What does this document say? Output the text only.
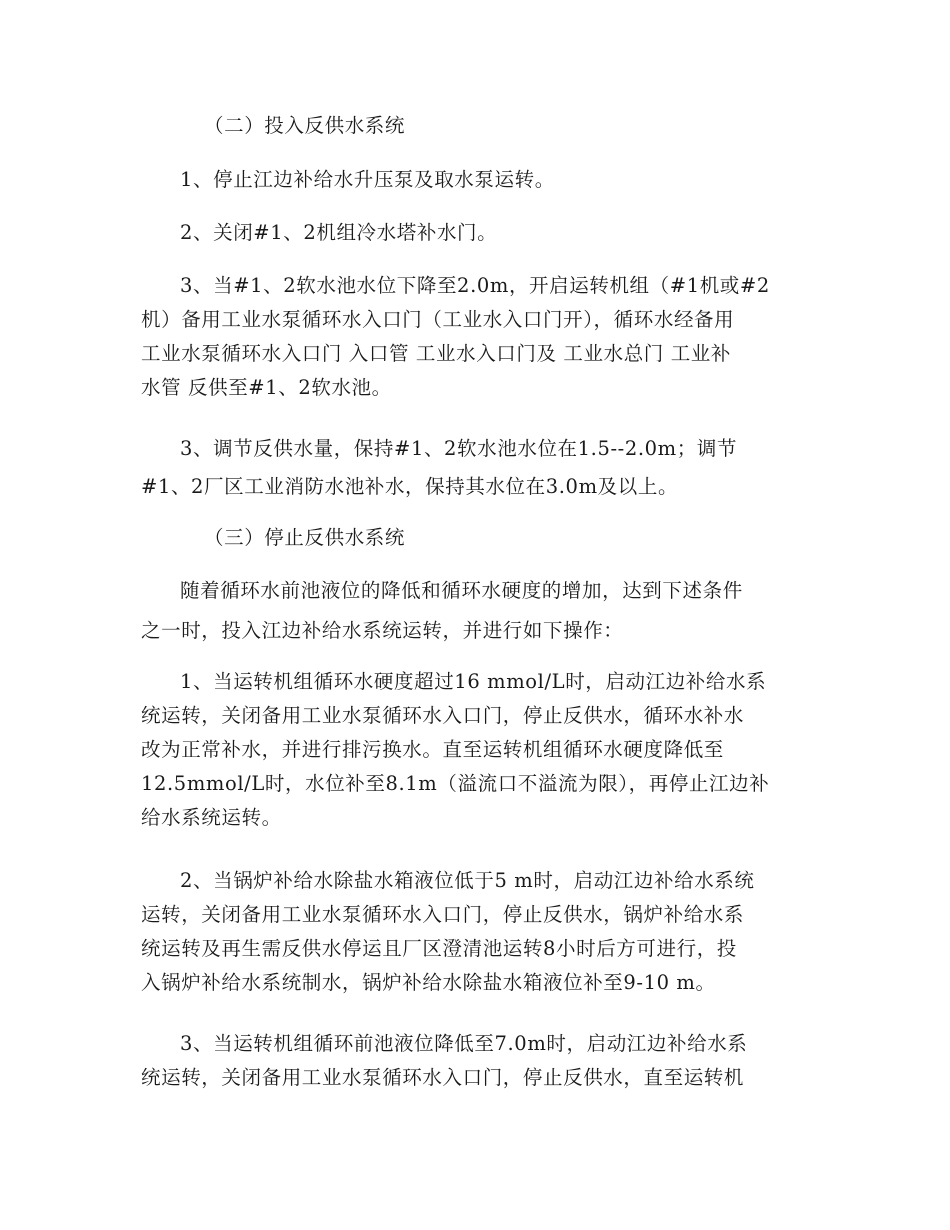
（二）投入反供水系统
1、停止江边补给水升压泵及取水泵运转。
2、关闭#1、2机组冷水塔补水门。
3、当#1、2软水池水位下降至2.0m，开启运转机组（#1机或#2
机）备用工业水泵循环水入口门（工业水入口门开），循环水经备用
工业水泵循环水入口门 入口管 工业水入口门及 工业水总门 工业补
水管 反供至#1、2软水池。
3、调节反供水量，保持#1、2软水池水位在1.5--2.0m；调节
#1、2厂区工业消防水池补水，保持其水位在3.0m及以上。
（三）停止反供水系统
随着循环水前池液位的降低和循环水硬度的增加，达到下述条件
之一时，投入江边补给水系统运转，并进行如下操作：
1、当运转机组循环水硬度超过16 mmol/L时，启动江边补给水系
统运转，关闭备用工业水泵循环水入口门，停止反供水，循环水补水
改为正常补水，并进行排污换水。直至运转机组循环水硬度降低至
12.5mmol/L时，水位补至8.1m（溢流口不溢流为限），再停止江边补
给水系统运转。
2、当锅炉补给水除盐水箱液位低于5 m时，启动江边补给水系统
运转，关闭备用工业水泵循环水入口门，停止反供水，锅炉补给水系
统运转及再生需反供水停运且厂区澄清池运转8小时后方可进行，投
入锅炉补给水系统制水，锅炉补给水除盐水箱液位补至9-10 m。
3、当运转机组循环前池液位降低至7.0m时，启动江边补给水系
统运转，关闭备用工业水泵循环水入口门，停止反供水，直至运转机
